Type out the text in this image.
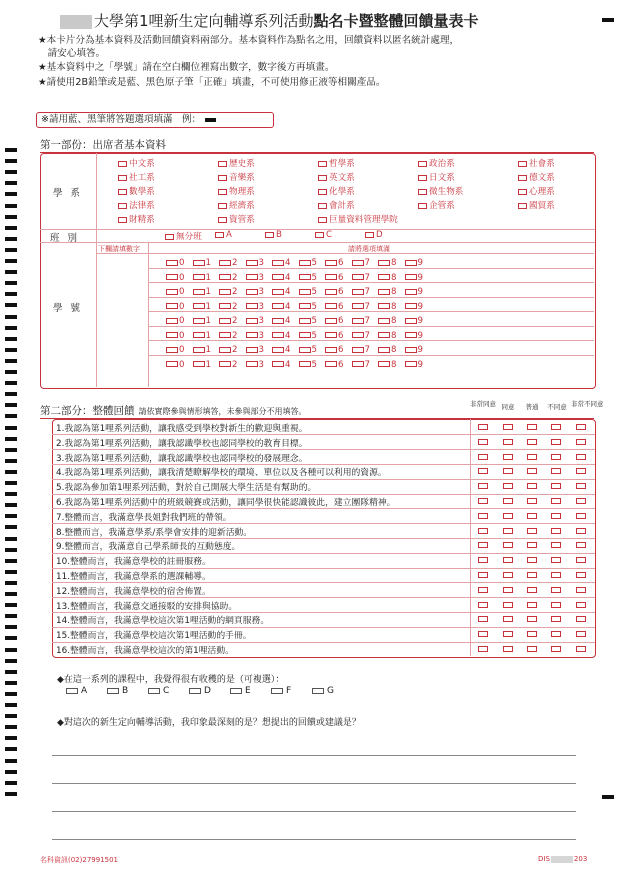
大學第1哩新生定向輔導系列活動點名卡暨整體回饋量表卡
★本卡片分為基本資料及活動回饋資料兩部分。基本資料作為點名之用，回饋資料以匿名統計處理，
　請安心填答。
★基本資料中之「學號」請在空白欄位裡寫出數字，數字後方再填畫。
★請使用2B鉛筆或是藍、黑色原子筆「正確」填畫，不可使用修正液等相關產品。
※請用藍、黑筆將答題選項填滿　例：
第一部份：出席者基本資料
學系
班別
學號
中文系	歷史系	哲學系	政治系	社會系
社工系	音樂系	英文系	日文系	德文系
數學系	物理系	化學系	微生物系	心理系
法律系	經濟系	會計系	企管系	國貿系
財精系	資管系	巨量資料管理學院
無分班	A	B	C	D
下欄請填數字	請將選項填滿
0	1	2	3	4	5	6	7	8	9
0	1	2	3	4	5	6	7	8	9
0	1	2	3	4	5	6	7	8	9
0	1	2	3	4	5	6	7	8	9
0	1	2	3	4	5	6	7	8	9
0	1	2	3	4	5	6	7	8	9
0	1	2	3	4	5	6	7	8	9
0	1	2	3	4	5	6	7	8	9
第二部分：整體回饋 請依實際參與情形填答，未參與部分不用填答。
非常同意 同意	普通	不同意 非常不同意
1.我認為第1哩系列活動，讓我感受到學校對新生的歡迎與重視。
2.我認為第1哩系列活動，讓我認識學校也認同學校的教育目標。
3.我認為第1哩系列活動，讓我認識學校也認同學校的發展理念。
4.我認為第1哩系列活動，讓我清楚瞭解學校的環境、單位以及各種可以利用的資源。
5.我認為參加第1哩系列活動，對於自己開展大學生活是有幫助的。
6.我認為第1哩系列活動中的班級競賽或活動，讓同學很快能認識彼此，建立團隊精神。
7.整體而言，我滿意學長姐對我們班的帶領。
8.整體而言，我滿意學系/系學會安排的迎新活動。
9.整體而言，我滿意自己學系師長的互動態度。
10.整體而言，我滿意學校的註冊服務。
11.整體而言，我滿意學系的選課輔導。
12.整體而言，我滿意學校的宿舍佈置。
13.整體而言，我滿意交通接駁的安排與協助。
14.整體而言，我滿意學校這次第1哩活動的網頁服務。
15.整體而言，我滿意學校這次第1哩活動的手冊。
16.整體而言，我滿意學校這次的第1哩活動。
◆在這一系列的課程中，我覺得很有收穫的是（可複選）：
A	B	C	D	E	F	G
◆對這次的新生定向輔導活動，我印象最深刻的是？想提出的回饋或建議是？
名科資訊(02)27991501	DIS	203
